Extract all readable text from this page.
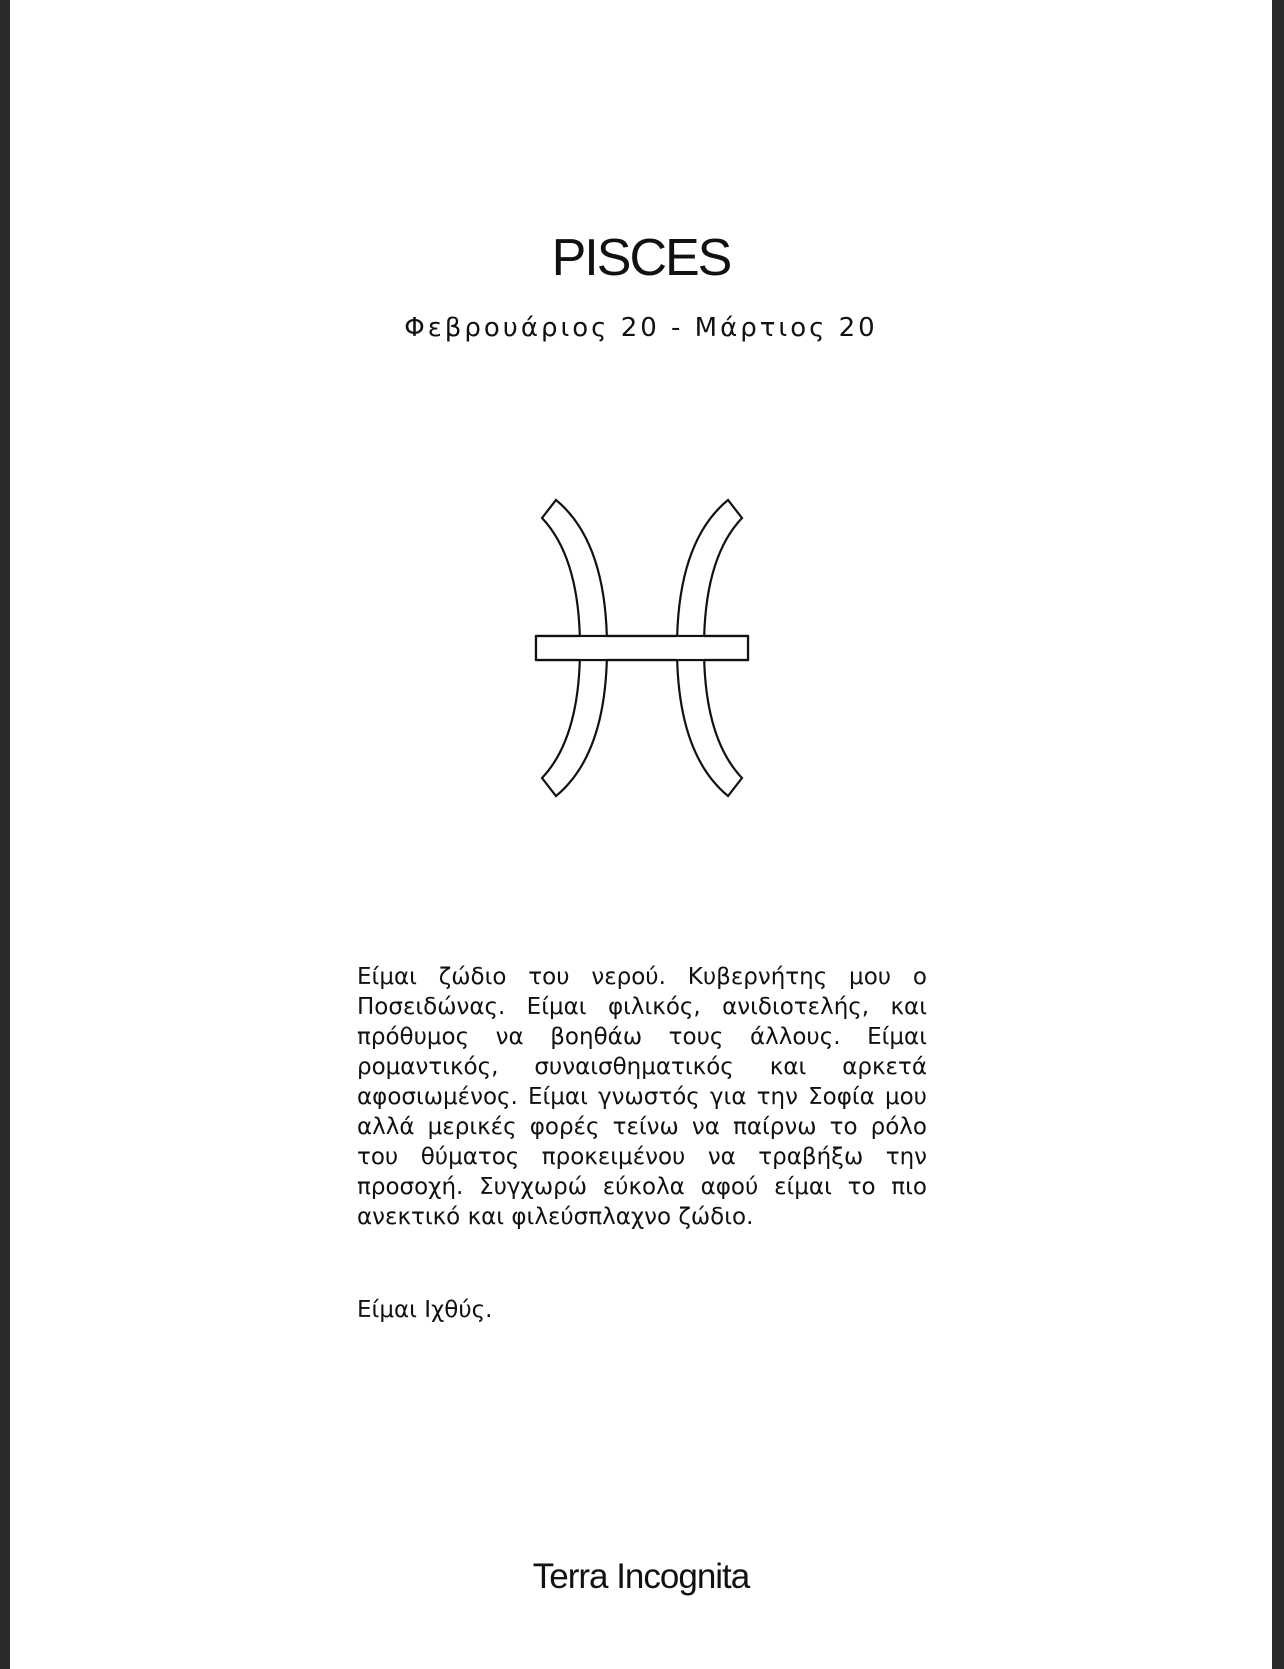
PISCES
Φεβρουάριος 20 - Μάρτιος 20
Είμαι ζώδιο του νερού. Κυβερνήτης μου ο Ποσειδώνας. Είμαι φιλικός, ανιδιοτελής, και πρόθυμος να βοηθάω τους άλλους. Είμαι ρομαντικός, συναισθηματικός και αρκετά αφοσιωμένος. Είμαι γνωστός για την Σοφία μου αλλά μερικές φορές τείνω να παίρνω το ρόλο του θύματος προκειμένου να τραβήξω την προσοχή. Συγχωρώ εύκολα αφού είμαι το πιο ανεκτικό και φιλεύσπλαχνο ζώδιο.
Είμαι Ιχθύς.
Terra Incognita
